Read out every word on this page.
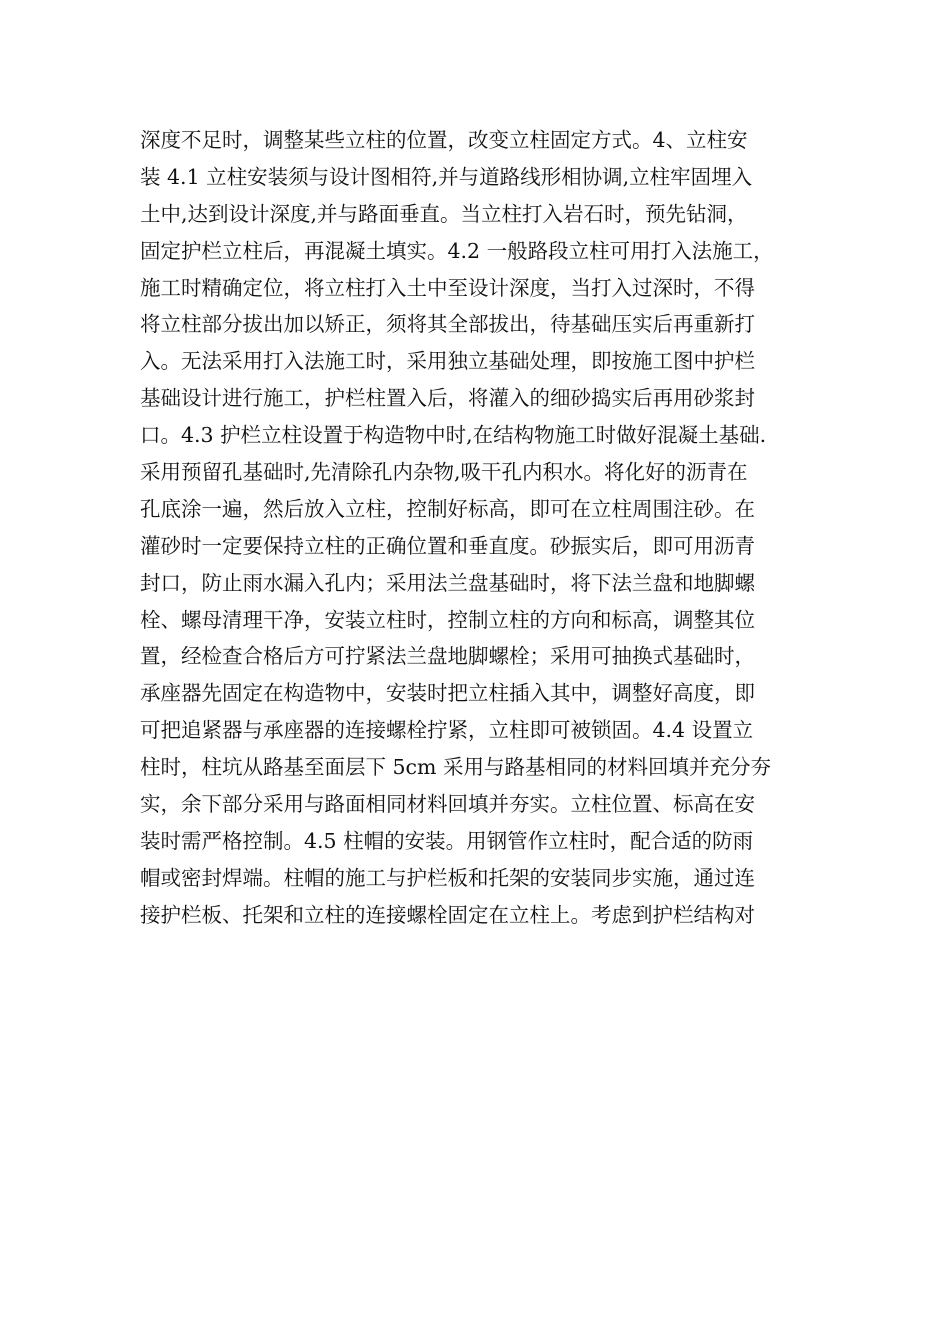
深度不足时，调整某些立柱的位置，改变立柱固定方式。4、立柱安
装 4.1 立柱安装须与设计图相符,并与道路线形相协调,立柱牢固埋入
土中,达到设计深度,并与路面垂直。当立柱打入岩石时，预先钻洞，
固定护栏立柱后，再混凝土填实。4.2 一般路段立柱可用打入法施工，
施工时精确定位，将立柱打入土中至设计深度，当打入过深时，不得
将立柱部分拔出加以矫正，须将其全部拔出，待基础压实后再重新打
入。无法采用打入法施工时，采用独立基础处理，即按施工图中护栏
基础设计进行施工，护栏柱置入后，将灌入的细砂捣实后再用砂浆封
口。4.3 护栏立柱设置于构造物中时,在结构物施工时做好混凝土基础.
采用预留孔基础时,先清除孔内杂物,吸干孔内积水。将化好的沥青在
孔底涂一遍，然后放入立柱，控制好标高，即可在立柱周围注砂。在
灌砂时一定要保持立柱的正确位置和垂直度。砂振实后，即可用沥青
封口，防止雨水漏入孔内；采用法兰盘基础时，将下法兰盘和地脚螺
栓、螺母清理干净，安装立柱时，控制立柱的方向和标高，调整其位
置，经检查合格后方可拧紧法兰盘地脚螺栓；采用可抽换式基础时，
承座器先固定在构造物中，安装时把立柱插入其中，调整好高度，即
可把追紧器与承座器的连接螺栓拧紧，立柱即可被锁固。4.4 设置立
柱时，柱坑从路基至面层下 5cm 采用与路基相同的材料回填并充分夯
实，余下部分采用与路面相同材料回填并夯实。立柱位置、标高在安
装时需严格控制。4.5 柱帽的安装。用钢管作立柱时，配合适的防雨
帽或密封焊端。柱帽的施工与护栏板和托架的安装同步实施，通过连
接护栏板、托架和立柱的连接螺栓固定在立柱上。考虑到护栏结构对
